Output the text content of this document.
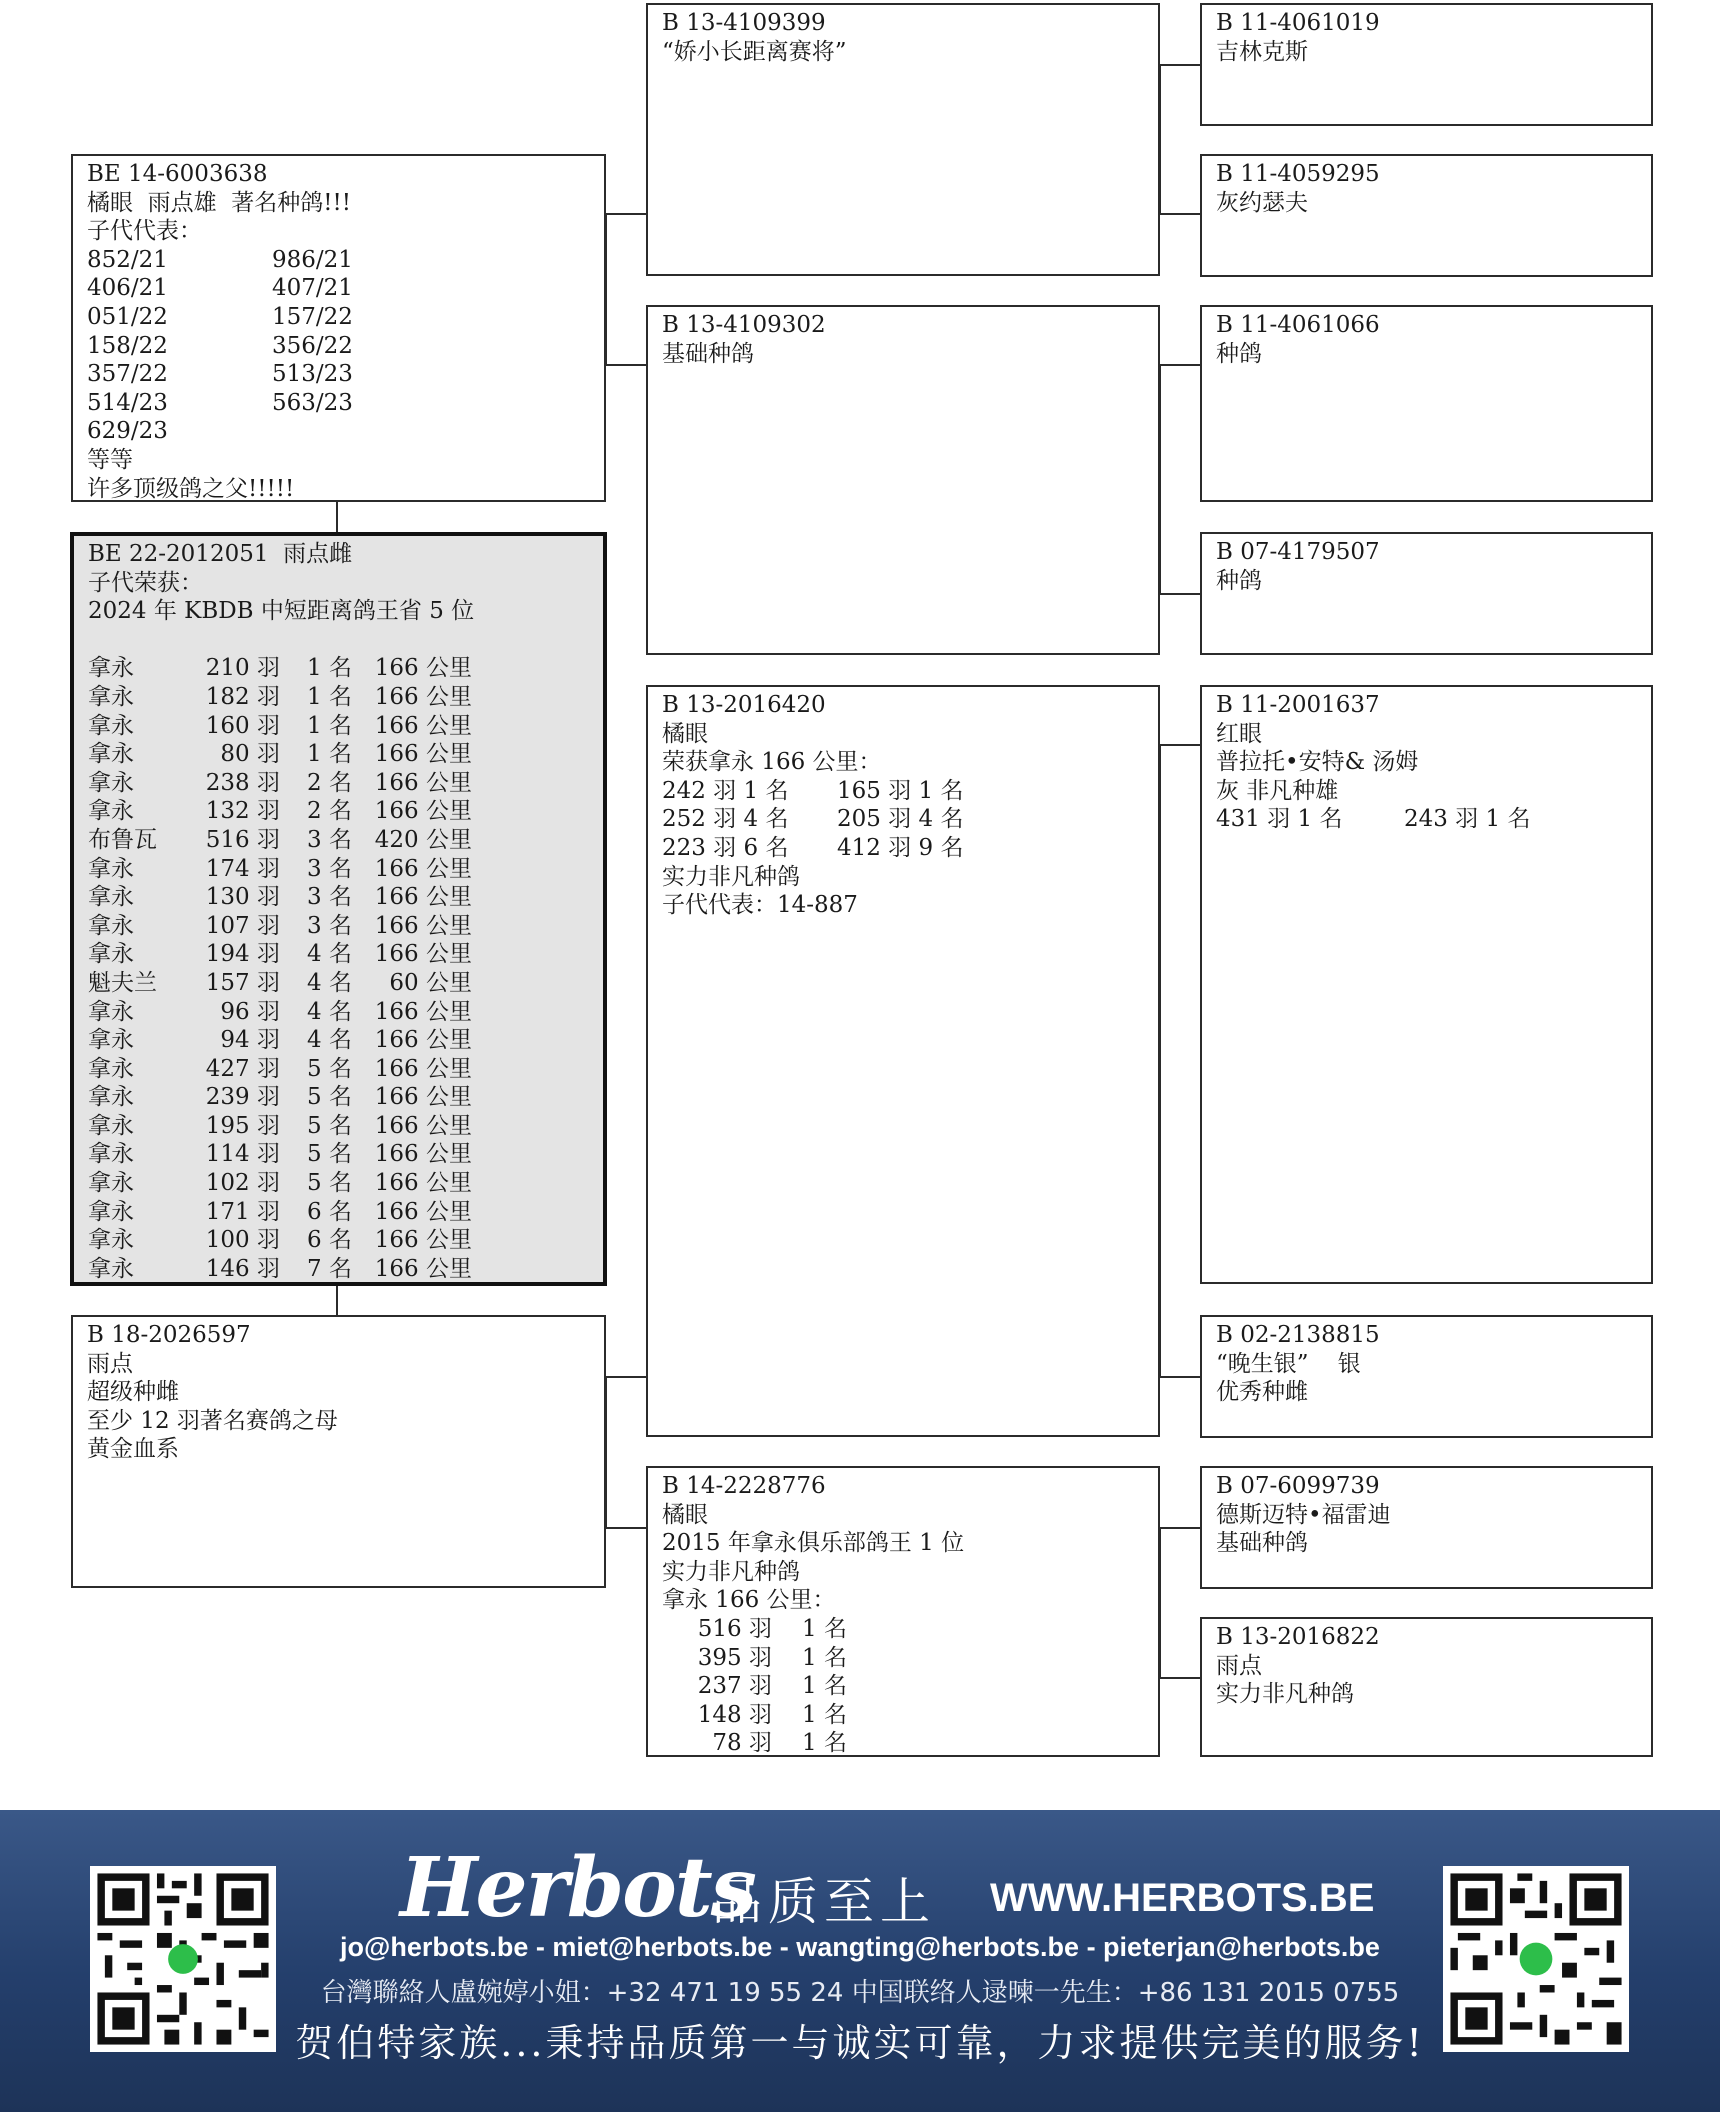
BE 14-6003638
橘眼  雨点雄  著名种鸽!!!
子代代表：
852/21	986/21
406/21	407/21
051/22	157/22
158/22	356/22
357/22	513/23
514/23	563/23
629/23
等等
许多顶级鸽之父!!!!!
BE 22-2012051  雨点雌
子代荣获：
2024 年 KBDB 中短距离鸽王省 5 位

拿永	210 羽 1 名 166 公里
拿永	182 羽 1 名 166 公里
拿永	160 羽 1 名 166 公里
拿永	80 羽 1 名 166 公里
拿永	238 羽 2 名 166 公里
拿永	132 羽 2 名 166 公里
布鲁瓦 516 羽 3 名 420 公里
拿永	174 羽 3 名 166 公里
拿永	130 羽 3 名 166 公里
拿永	107 羽 3 名 166 公里
拿永	194 羽 4 名 166 公里
魁夫兰 157 羽 4 名 60 公里
拿永	96 羽 4 名 166 公里
拿永	94 羽 4 名 166 公里
拿永	427 羽 5 名 166 公里
拿永	239 羽 5 名 166 公里
拿永	195 羽 5 名 166 公里
拿永	114 羽 5 名 166 公里
拿永	102 羽 5 名 166 公里
拿永	171 羽 6 名 166 公里
拿永	100 羽 6 名 166 公里
拿永	146 羽 7 名 166 公里
B 18-2026597
雨点
超级种雌
至少 12 羽著名赛鸽之母
黄金血系
B 13-4109399
“娇小长距离赛将”
B 13-4109302
基础种鸽
B 13-2016420
橘眼
荣获拿永 166 公里：
242 羽 1 名 165 羽 1 名
252 羽 4 名 205 羽 4 名
223 羽 6 名 412 羽 9 名
实力非凡种鸽
子代代表：14-887
B 14-2228776
橘眼
2015 年拿永俱乐部鸽王 1 位
实力非凡种鸽
拿永 166 公里：
516 羽 1 名
395 羽 1 名
237 羽 1 名
148 羽 1 名
78 羽 1 名
B 11-4061019
吉林克斯
B 11-4059295
灰约瑟夫
B 11-4061066
种鸽
B 07-4179507
种鸽
B 11-2001637
红眼
普拉托•安特& 汤姆
灰 非凡种雄
431 羽 1 名	243 羽 1 名
B 02-2138815
“晚生银”    银
优秀种雌
B 07-6099739
德斯迈特•福雷迪
基础种鸽
B 13-2016822
雨点
实力非凡种鸽
Herbots
品质至上 WWW.HERBOTS.BE
jo@herbots.be - miet@herbots.be - wangting@herbots.be - pieterjan@herbots.be
台灣聯絡人盧婉婷小姐：+32 471 19 55 24 中国联络人逯暕一先生：+86 131 2015 0755
贺伯特家族...秉持品质第一与诚实可靠，力求提供完美的服务!
